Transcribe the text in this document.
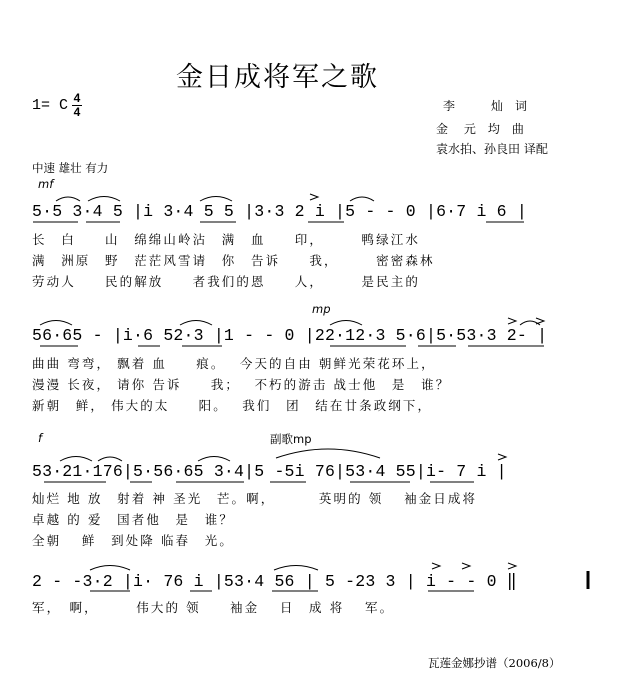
金日成将军之歌
1= C 4
4	李　　　灿　词
金　 元　均　曲
袁水拍、孙良田 译配
中速 雄壮 有力
mf
5·5 3·4 5 |i 3·4 5 5 |3·3 2 i |5 - - 0 |6·7 i 6 |
长　白　　山　绵绵山岭沾　满　血　　印，　　　鸭绿江水
满　洲原　野　茫茫风雪请　你　告诉　　我，　　　密密森林
劳动人　　民的解放　　者我们的恩　　人，　　　是民主的
mp
56·65 - |i·6 52·3 |1 - - 0 |22·12·3 5·6|5·53·3 2- |
曲曲 弯弯， 飘着 血　　痕。　 今天的自由 朝鲜光荣花环上，
漫漫 长夜， 请你 告诉　　我；　 不朽的游击 战士他　是　谁？
新朝　鲜， 伟大的太　　阳。　 我们　团　结在廿条政纲下，
f	副歌mp
53·21·176|5·56·65 3·4|5 -5i 76|53·4 55|i- 7 i |
灿烂 地 放　射着 神 圣光　芒。啊，　　　 英明的 领　 袖金日成将
卓越 的 爱　国者他　是　谁？
全朝　 鲜　到处降 临春　光。
2 - -3·2 |i· 76 i |53·4 56 | 5 -23 3 | i - - 0 ‖
军，　啊，　　　伟大的 领　　袖金　 日　成 将　 军。
瓦莲金娜抄谱（2006/8）
